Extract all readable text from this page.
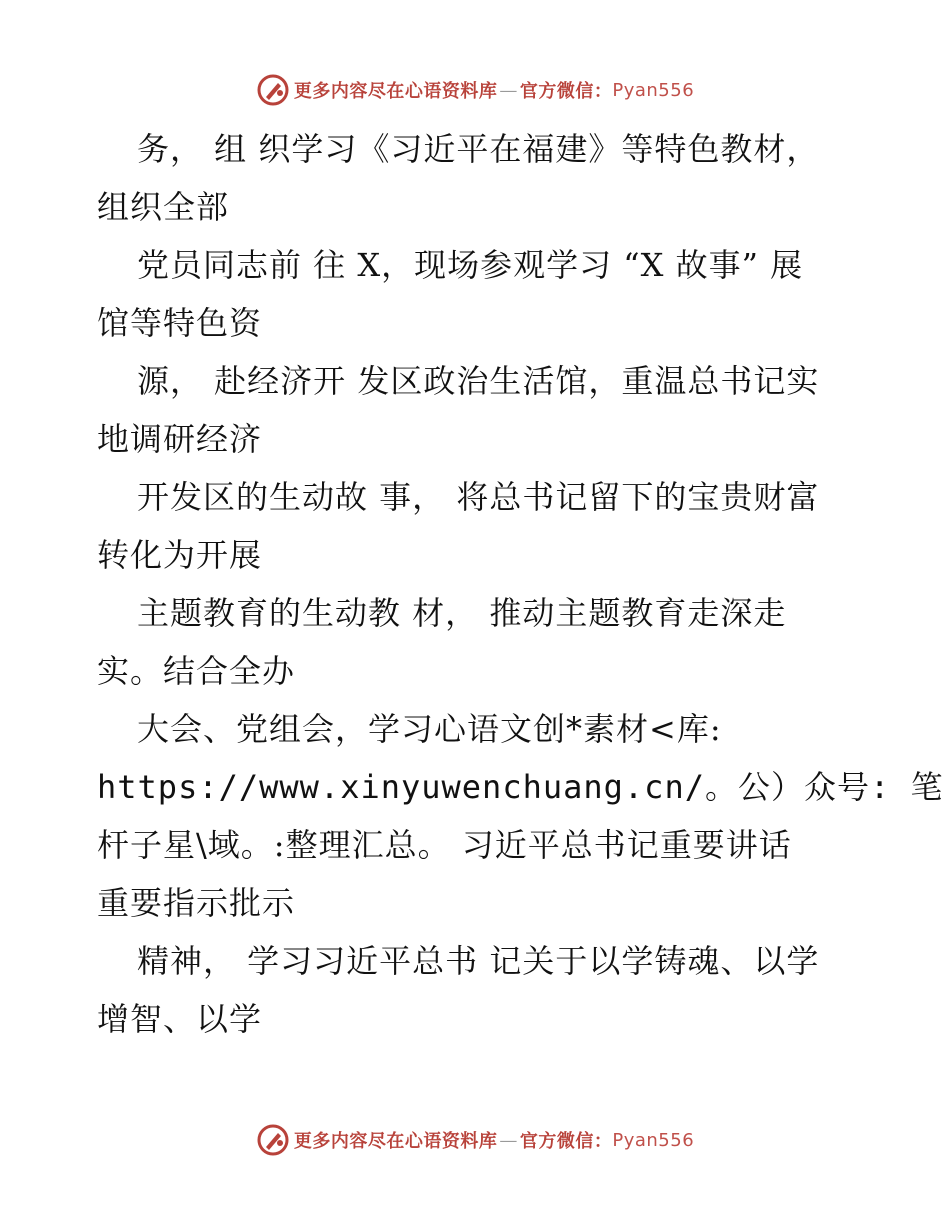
更多内容尽在心语资料库 — 官方微信： Pyan556
务， 组 织学习《习近平在福建》等特色教材，
组织全部
党员同志前 往 X，现场参观学习 “X 故事” 展
馆等特色资
源， 赴经济开 发区政治生活馆，重温总书记实
地调研经济
开发区的生动故 事， 将总书记留下的宝贵财富
转化为开展
主题教育的生动教 材， 推动主题教育走深走
实。结合全办
大会、党组会，学习心语文创*素材<库:
https://www.xinyuwenchuang.cn/。公）众号: 笔
杆子星\域。:整理汇总。 习近平总书记重要讲话
重要指示批示
精神， 学习习近平总书 记关于以学铸魂、以学
增智、以学
更多内容尽在心语资料库 — 官方微信： Pyan556
